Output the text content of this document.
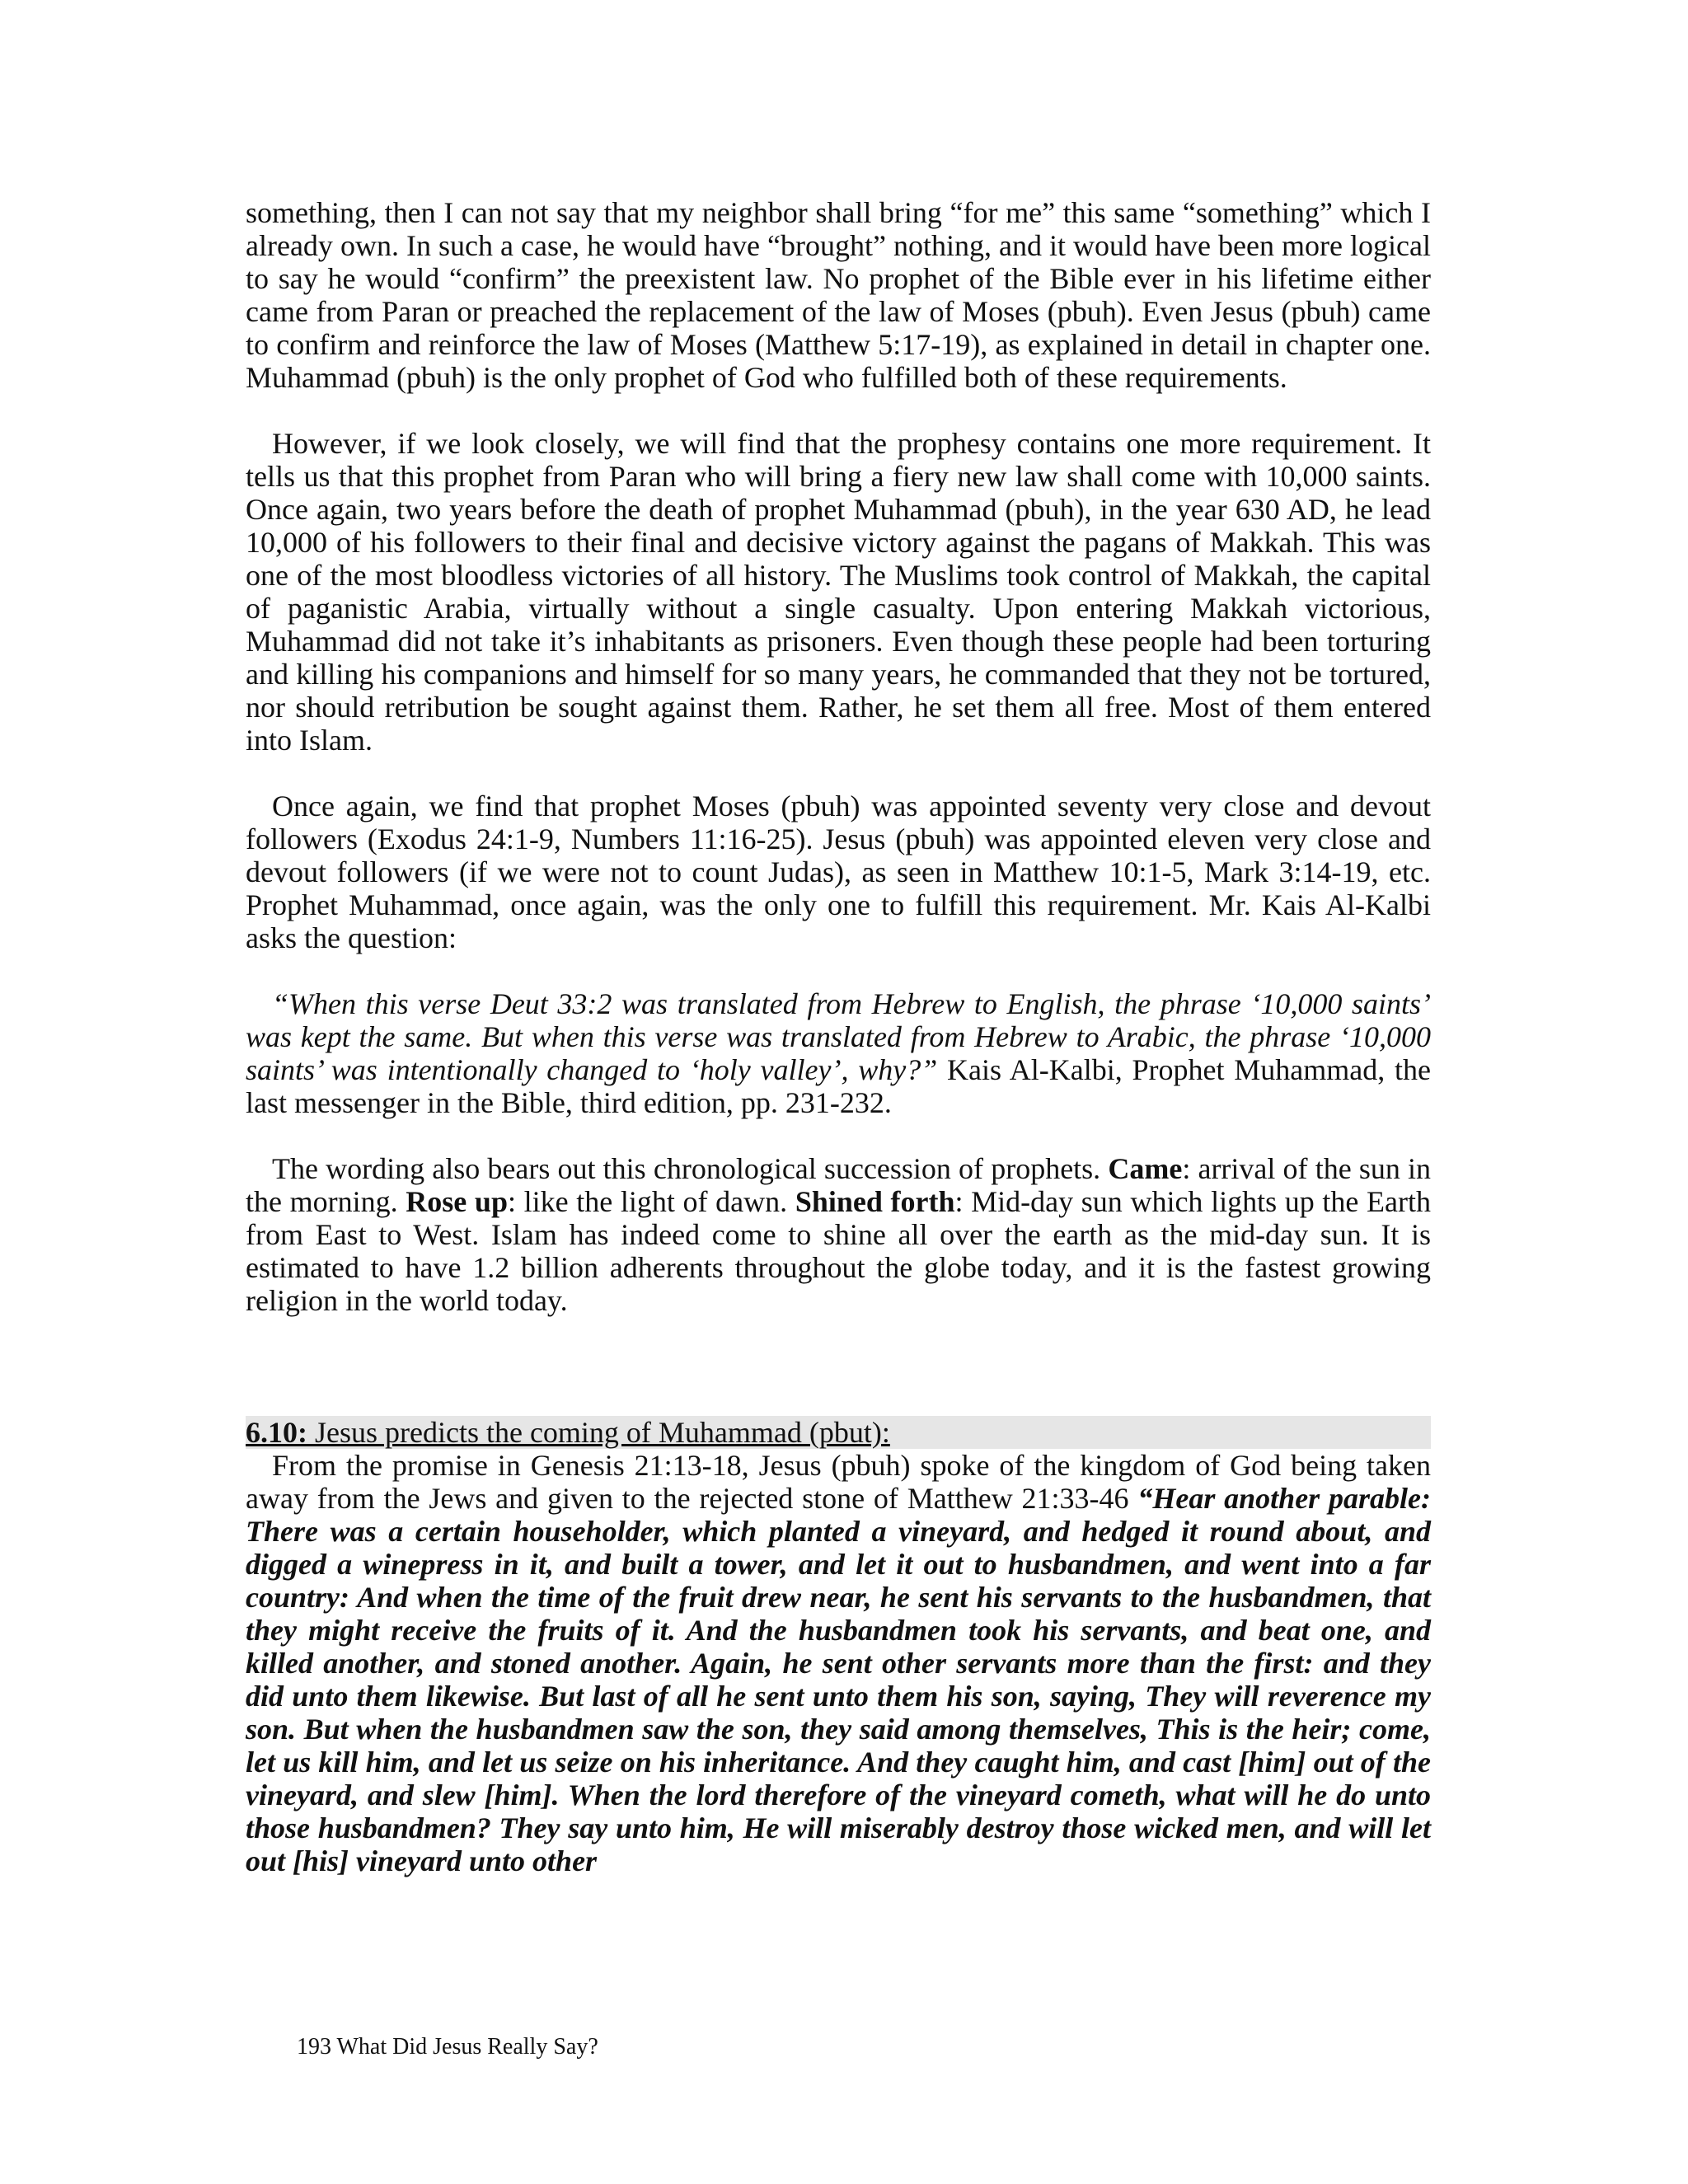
something, then I can not say that my neighbor shall bring “for me” this same “something” which I already own. In such a case, he would have “brought” nothing, and it would have been more logical to say he would “confirm” the preexistent law. No prophet of the Bible ever in his lifetime either came from Paran or preached the replacement of the law of Moses (pbuh). Even Jesus (pbuh) came to confirm and reinforce the law of Moses (Matthew 5:17-19), as explained in detail in chapter one. Muhammad (pbuh) is the only prophet of God who fulfilled both of these requirements.

However, if we look closely, we will find that the prophesy contains one more requirement. It tells us that this prophet from Paran who will bring a fiery new law shall come with 10,000 saints. Once again, two years before the death of prophet Muhammad (pbuh), in the year 630 AD, he lead 10,000 of his followers to their final and decisive victory against the pagans of Makkah. This was one of the most bloodless victories of all history. The Muslims took control of Makkah, the capital of paganistic Arabia, virtually without a single casualty. Upon entering Makkah victorious, Muhammad did not take it’s inhabitants as prisoners. Even though these people had been torturing and killing his companions and himself for so many years, he commanded that they not be tortured, nor should retribution be sought against them. Rather, he set them all free. Most of them entered into Islam.

Once again, we find that prophet Moses (pbuh) was appointed seventy very close and devout followers (Exodus 24:1-9, Numbers 11:16-25). Jesus (pbuh) was appointed eleven very close and devout followers (if we were not to count Judas), as seen in Matthew 10:1-5, Mark 3:14-19, etc. Prophet Muhammad, once again, was the only one to fulfill this requirement. Mr. Kais Al-Kalbi asks the question:

“When this verse Deut 33:2 was translated from Hebrew to English, the phrase ‘10,000 saints’ was kept the same. But when this verse was translated from Hebrew to Arabic, the phrase ‘10,000 saints’ was intentionally changed to ‘holy valley’, why?” Kais Al-Kalbi, Prophet Muhammad, the last messenger in the Bible, third edition, pp. 231-232.

The wording also bears out this chronological succession of prophets. Came: arrival of the sun in the morning. Rose up: like the light of dawn. Shined forth: Mid-day sun which lights up the Earth from East to West. Islam has indeed come to shine all over the earth as the mid-day sun. It is estimated to have 1.2 billion adherents throughout the globe today, and it is the fastest growing religion in the world today.

6.10: Jesus predicts the coming of Muhammad (pbut):

From the promise in Genesis 21:13-18, Jesus (pbuh) spoke of the kingdom of God being taken away from the Jews and given to the rejected stone of Matthew 21:33-46 “Hear another parable: There was a certain householder, which planted a vineyard, and hedged it round about, and digged a winepress in it, and built a tower, and let it out to husbandmen, and went into a far country: And when the time of the fruit drew near, he sent his servants to the husbandmen, that they might receive the fruits of it. And the husbandmen took his servants, and beat one, and killed another, and stoned another. Again, he sent other servants more than the first: and they did unto them likewise. But last of all he sent unto them his son, saying, They will reverence my son. But when the husbandmen saw the son, they said among themselves, This is the heir; come, let us kill him, and let us seize on his inheritance. And they caught him, and cast [him] out of the vineyard, and slew [him]. When the lord therefore of the vineyard cometh, what will he do unto those husbandmen? They say unto him, He will miserably destroy those wicked men, and will let out [his] vineyard unto other

193 What Did Jesus Really Say?
